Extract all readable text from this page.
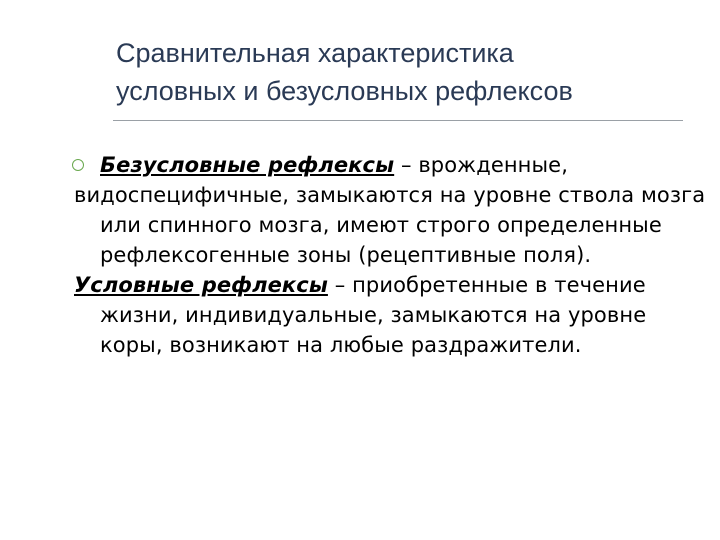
Сравнительная характеристика
условных и безусловных рефлексов
Безусловные рефлексы – врожденные,
видоспецифичные, замыкаются на уровне ствола мозга или спинного мозга, имеют строго определенные рефлексогенные зоны (рецептивные поля).
Условные рефлексы – приобретенные в течение жизни, индивидуальные, замыкаются на уровне коры, возникают на любые раздражители.
